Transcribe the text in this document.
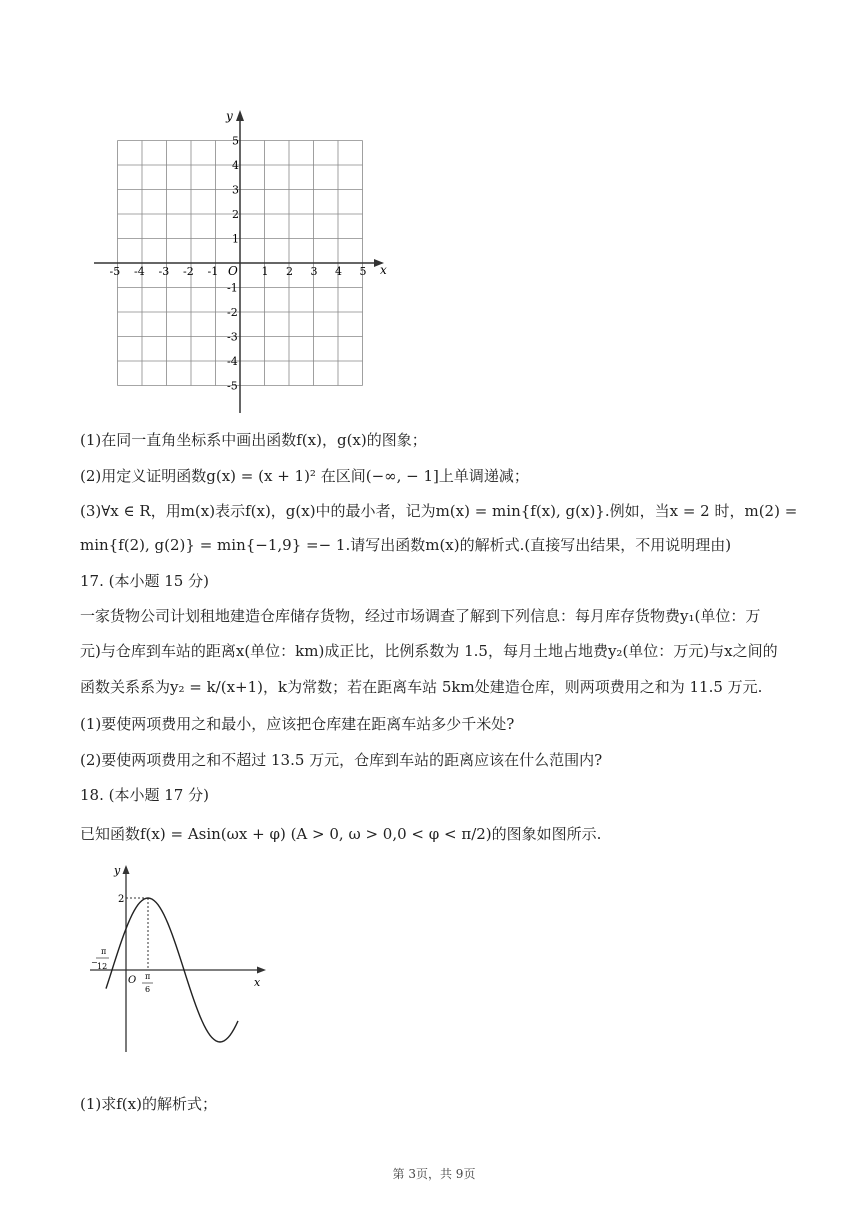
y
x
O
-5 -4 -3 -2 -1	1 2 3 4 5
5
4
3
2
1
-1
-2
-3
-4
-5
(1)在同一直角坐标系中画出函数f(x)，g(x)的图象；
(2)用定义证明函数g(x) = (x + 1)² 在区间(−∞, − 1]上单调递减；
(3)∀x ∈ R，用m(x)表示f(x)，g(x)中的最小者，记为m(x) = min{f(x), g(x)}.例如，当x = 2 时，m(2) =
min{f(2), g(2)} = min{−1,9} =− 1.请写出函数m(x)的解析式.(直接写出结果，不用说明理由)
17. (本小题 15 分)
一家货物公司计划租地建造仓库储存货物，经过市场调查了解到下列信息：每月库存货物费y₁(单位：万
元)与仓库到车站的距离x(单位：km)成正比，比例系数为 1.5，每月土地占地费y₂(单位：万元)与x之间的
函数关系系为y₂ = k/(x+1)，k为常数；若在距离车站 5km处建造仓库，则两项费用之和为 11.5 万元.
(1)要使两项费用之和最小，应该把仓库建在距离车站多少千米处?
(2)要使两项费用之和不超过 13.5 万元，仓库到车站的距离应该在什么范围内?
18. (本小题 17 分)
已知函数f(x) = Asin(ωx + φ) (A > 0, ω > 0,0 < φ < π/2)的图象如图所示.
y
x
O
2
π − 12
π 6
(1)求f(x)的解析式；
第 3页，共 9页
